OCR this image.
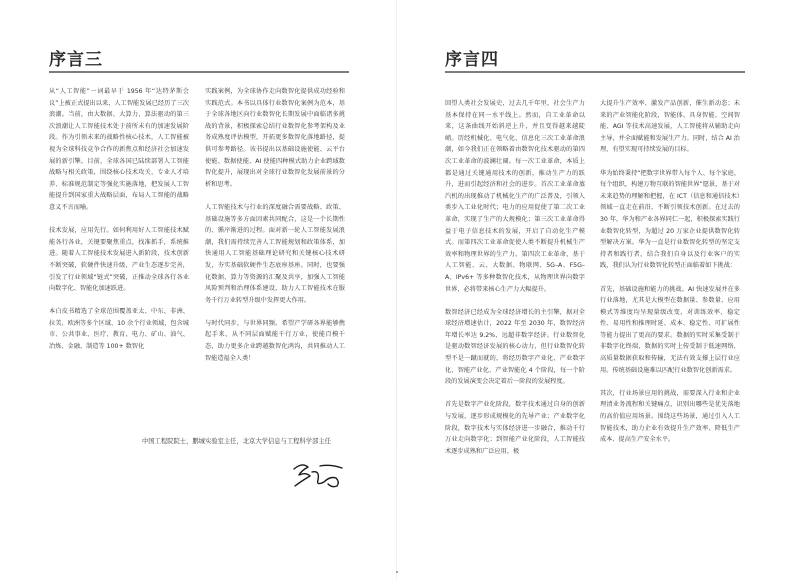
序言三

从“人工智能”一词最早于 1956 年“达特茅斯会议”上被正式提出以来，人工智能发展已经历了三次浪潮。当前，由大数据、大算力、算法驱动的第三次浪潮让人工智能技术处于前所未有的加速发展阶段。作为引领未来的战略性核心技术，人工智能被视为全球科技竞争合作的新焦点和经济社会加速发展的新引擎。目前，全球各国已陆续部署人工智能战略与相关政策，围绕核心技术攻关、专业人才培养、标准规范制定等强化实施落地，把发展人工智能提升到国家重大战略层面，布局人工智能的战略意义不言而喻。

技术发展，应用先行。如何利用好人工智能技术赋能各行各业，关键要聚焦重点，找准抓手，系统推进。随着人工智能技术发展进入新阶段，技术创新不断突破，软硬件快速升级，产业生态逐步完善，引发了行业领域“链式”突破，正推动全球各行各业向数字化、智能化加速跃进。

本白皮书精选了全球范围覆盖亚太、中东、非洲、拉美、欧洲等多个区域、10 余个行业领域，包含城市、公共事业、医疗、教育、电力、矿山、油气、冶炼、金融、制造等 100+ 数智化

实践案例，为全球协作走向数智化提供成功经验和实践范式。本书以具体行业数智化案例为范本，基于全球各地区向行业数智化长期发展中面临诸多挑战的背景，积极探索总结行业数智化参考架构及业务成熟度评估模型，开拓更多数智化落地路径，提供可参考路径。该书提出以基础设施使能、云平台使能、数据使能、AI 使能四种模式助力企业跨域数智化提升，展现出对全球行业数智化发展前景的分析和思考。

人工智能技术与行业的深度融合需要战略、政策、基础设施等多方面因素共同配合，这是一个长期性的、循序渐进的过程。面对新一轮人工智能发展浪潮，我们需持续完善人工智能规划和政策体系，加快通用人工智能基础理论研究和关键核心技术研发，夯实基础软硬件生态底座基座。同时，也要强化数据、算力等资源的汇聚及共享，加强人工智能风险预判和治理体系建设，助力人工智能技术在服务千行万业转型升级中发挥更大作用。

与时代同步，与世界同频。希望产学研各界能够携起手来，从不同层面赋能千行万业，使能百模千态，助力更多企业跨越数智化鸿沟，共同推动人工智能造福全人类！

中国工程院院士，鹏城实验室主任，北京大学信息与工程科学部主任
序言四

回望人类社会发展史，过去几千年里，社会生产力基本保持在同一水平线上。然而，自工业革命以来，这条曲线开始斜逆上升，并且变得越来越陡峭。历经机械化、电气化、信息化三次工业革命浪潮，如今我们正在领略着由数智化技术驱动的第四次工业革命的波澜壮阔。每一次工业革命，本质上都是通过关键通用技术的创新，推动生产力的跃升，进而引起经济和社会的进步。首次工业革命蒸汽机的出现推动了机械化生产的广泛普及，引领人类步入工业化时代；电力的应用促使了第二次工业革命，实现了生产的大规模化；第三次工业革命得益于电子信息技术的发展，开启了自动化生产模式。而第四次工业革命促使人类不断提升机械生产效率和物理世界的生产力。第四次工业革命，基于人工智能、云、大数据、物联网、5G–A、F5G–A、IPv6+ 等多种数智化技术，从物理世界向数字世界，必将带来核心生产力大幅提升。

数智经济已经成为全球经济增长的主引擎，据对全球经济增速估计，2022 年至 2030 年，数智经济年增长率达 9.2%，远超非数字经济。行业数智化是驱动数智经济发展的核心动力，但行业数智化转型不是一蹴而就的，将经历数字产业化、产业数字化、智能产业化、产业智能化 4 个阶段，每一个阶段的发展演变会决定着后一阶段的发展程度。

首先是数字产业化阶段，数字技术通过自身的创新与发展，逐步形成规模化的先导产业；产业数字化阶段，数字技术与实体经济进一步融合，推动千行万业走向数字化；到智能产业化阶段，人工智能技术逐步成熟和广泛应用，极

大提升生产效率、激发产品创新，催生新动态；未来的产业智能化阶段，智能体、具身智能、空间智能、AGI 等技术高速发展，人工智能将从辅助走向主导，并全面赋能和发展生产力。同时，结合 AI 治理，有望实现可持续发展的目标。

华为始终秉持“把数字世界带入每个人、每个家庭、每个组织，构建万物互联的智能世界”愿景，基于对未来趋势的理解和把握，在 ICT（信息和通信技术）领域一直走在前沿，不断引领技术创新。在过去的 30 年，华为和产业各界同仁一起，积极探索实践行业数智化转型，为超过 20 万家企业提供数智化转型解决方案。华为一直是行业数智化转型的坚定支持者和践行者，结合我们自身以及行业客户的实践，我们认为行业数智化转型正面临着如下挑战：

首先，基础设施和能力的挑战。AI 快速发展并在多行业落地，尤其是大模型在数据量、参数量、应用模式等维度均呈现量级改变，对训练效率、稳定性、易用性和推理时延、成本、稳定性、可扩展性等能力提出了更高的要求。数据的实时采集受制于非数字化终端，数据的实时上传受制于低速网络，高质量数据获取和传输，无法有效支撑上层行业应用。传统基础设施难以匹配行业数智化创新需求。

其次，行业场景应用的挑战，需要深入行业和企业理清业务流程和关键痛点，识别出哪些是优先落地的高价值应用场景。围绕这些场景，通过引入人工智能技术，助力企业有效提升生产效率、降低生产成本、提高生产安全水平。
